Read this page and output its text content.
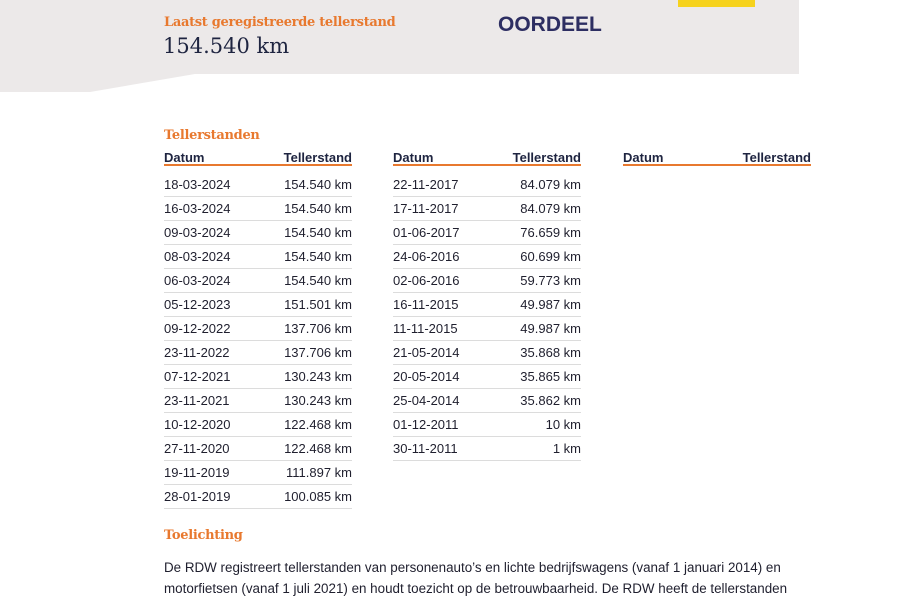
Laatst geregistreerde tellerstand
154.540 km
OORDEEL
Tellerstanden
Datum	Tellerstand
18-03-2024	154.540 km
16-03-2024	154.540 km
09-03-2024	154.540 km
08-03-2024	154.540 km
06-03-2024	154.540 km
05-12-2023	151.501 km
09-12-2022	137.706 km
23-11-2022	137.706 km
07-12-2021	130.243 km
23-11-2021	130.243 km
10-12-2020	122.468 km
27-11-2020	122.468 km
19-11-2019	111.897 km
28-01-2019	100.085 km
Datum	Tellerstand
22-11-2017	84.079 km
17-11-2017	84.079 km
01-06-2017	76.659 km
24-06-2016	60.699 km
02-06-2016	59.773 km
16-11-2015	49.987 km
11-11-2015	49.987 km
21-05-2014	35.868 km
20-05-2014	35.865 km
25-04-2014	35.862 km
01-12-2011	10 km
30-11-2011	1 km
Datum	Tellerstand
Toelichting
De RDW registreert tellerstanden van personenauto’s en lichte bedrijfswagens (vanaf 1 januari 2014) en
motorfietsen (vanaf 1 juli 2021) en houdt toezicht op de betrouwbaarheid. De RDW heeft de tellerstanden
